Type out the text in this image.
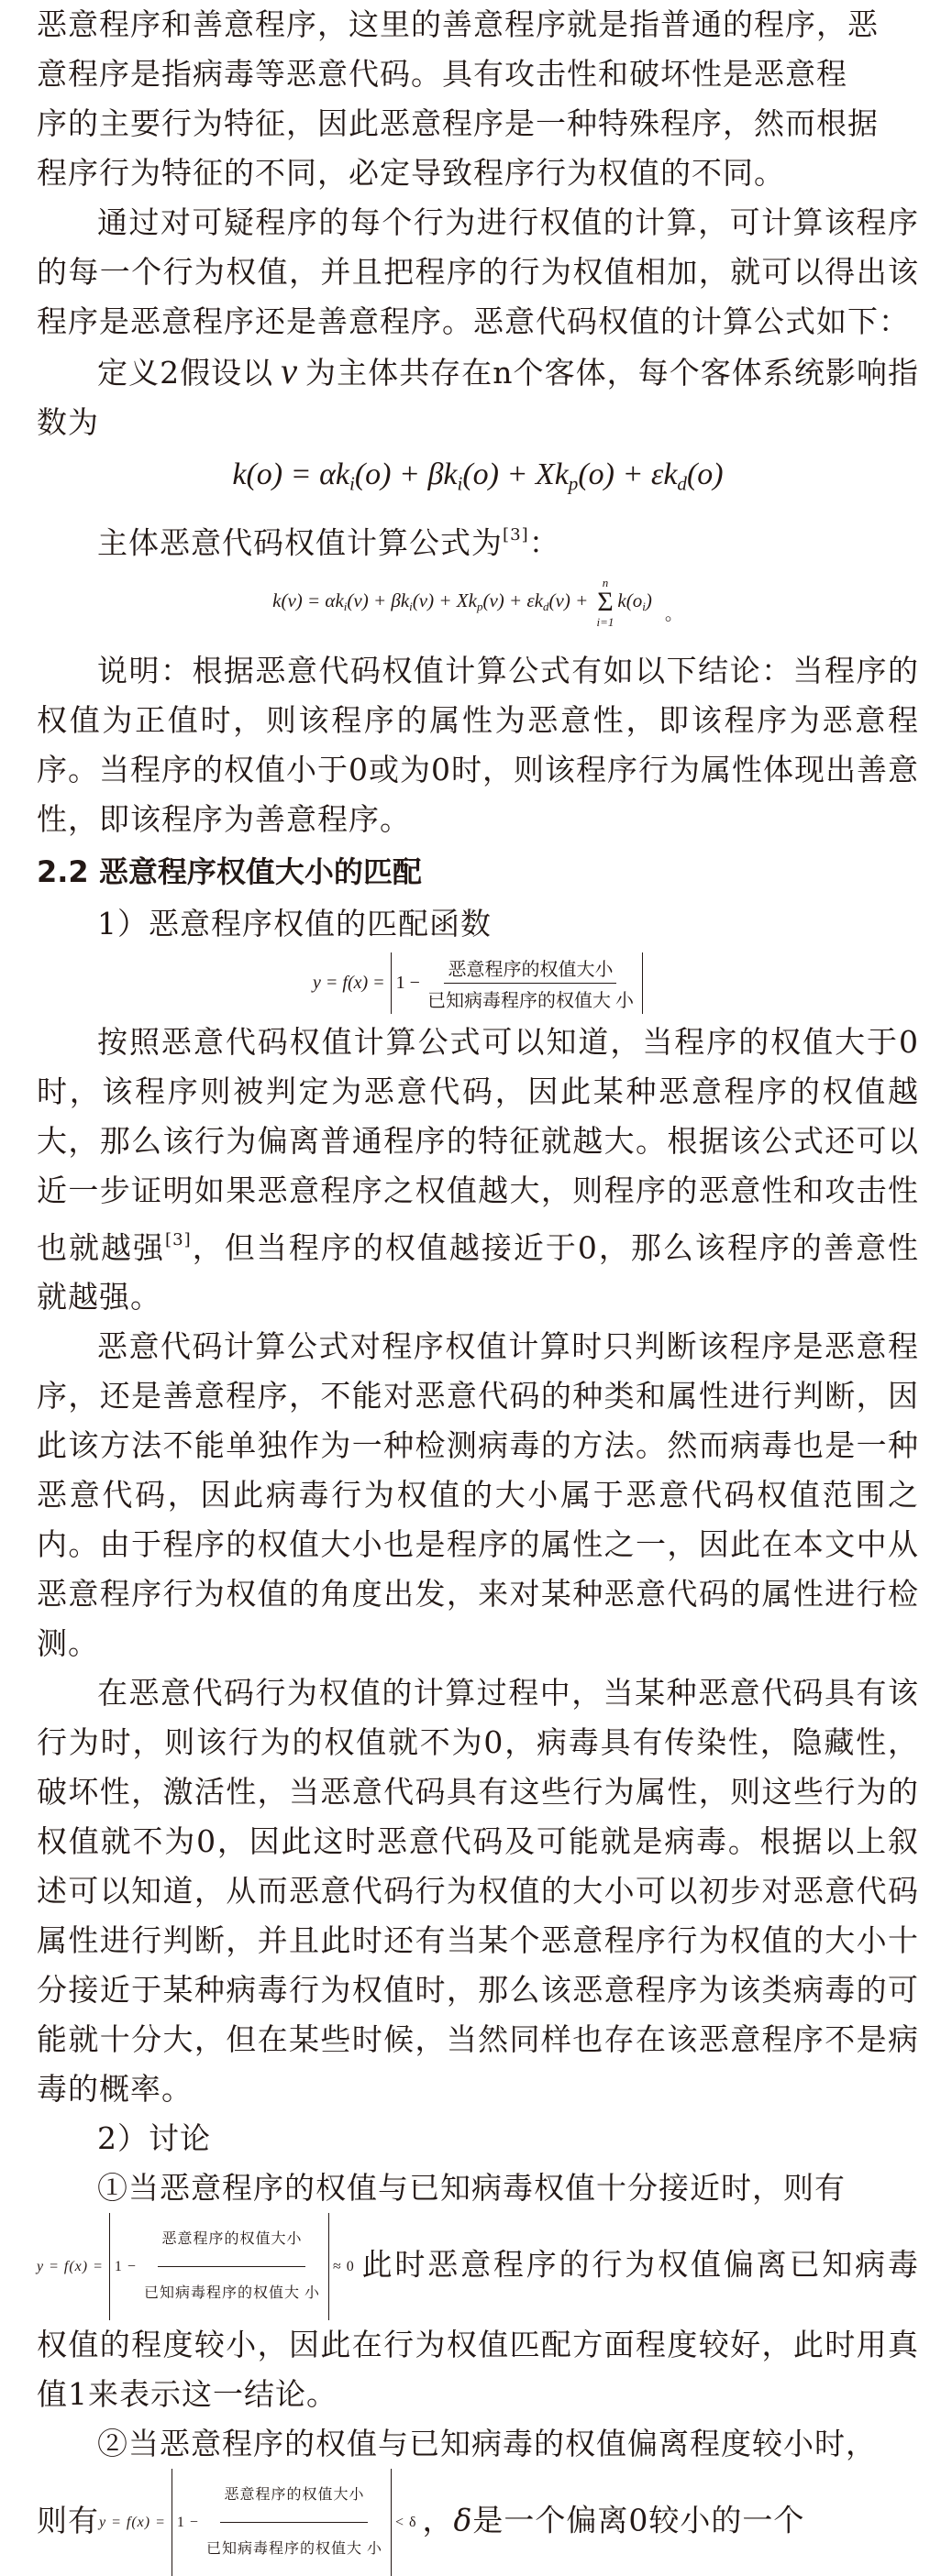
恶意程序和善意程序，这里的善意程序就是指普通的程序，恶

意程序是指病毒等恶意代码。具有攻击性和破坏性是恶意程

序的主要行为特征，因此恶意程序是一种特殊程序，然而根据

程序行为特征的不同，必定导致程序行为权值的不同。

通过对可疑程序的每个行为进行权值的计算，可计算该程序的每一个行为权值，并且把程序的行为权值相加，就可以得出该程序是恶意程序还是善意程序。恶意代码权值的计算公式如下：

定义2假设以 v 为主体共存在n个客体，每个客体系统影响指数为

$k(o) = \alpha k_i(o) + \beta k_i(o) + Xk_p(o) + \varepsilon k_d(o)$

主体恶意代码权值计算公式为[3]：

$k(v) = \alpha k_i(v) + \beta k_i(v) + Xk_p(v) + \varepsilon k_d(v)$ +
n
Σ
i=1
$k(o_i)$。

说明：根据恶意代码权值计算公式有如以下结论：当程序的权值为正值时，则该程序的属性为恶意性，即该程序为恶意程序。当程序的权值小于0或为0时，则该程序行为属性体现出善意性，即该程序为善意程序。

2.2 恶意程序权值大小的匹配

1）恶意程序权值的匹配函数

$y = f(x) = 1 - \frac{\text{恶意程序的权值大小}}{\text{已知病毒程序的权值大 小}}$

按照恶意代码权值计算公式可以知道，当程序的权值大于0时，该程序则被判定为恶意代码，因此某种恶意程序的权值越大，那么该行为偏离普通程序的特征就越大。根据该公式还可以近一步证明如果恶意程序之权值越大，则程序的恶意性和攻击性也就越强[3]，但当程序的权值越接近于0，那么该程序的善意性就越强。

恶意代码计算公式对程序权值计算时只判断该程序是恶意程序，还是善意程序，不能对恶意代码的种类和属性进行判断，因此该方法不能单独作为一种检测病毒的方法。然而病毒也是一种恶意代码，因此病毒行为权值的大小属于恶意代码权值范围之内。由于程序的权值大小也是程序的属性之一，因此在本文中从恶意程序行为权值的角度出发，来对某种恶意代码的属性进行检测。

在恶意代码行为权值的计算过程中，当某种恶意代码具有该行为时，则该行为的权值就不为0，病毒具有传染性，隐藏性，破坏性，激活性，当恶意代码具有这些行为属性，则这些行为的权值就不为0，因此这时恶意代码及可能就是病毒。根据以上叙述可以知道，从而恶意代码行为权值的大小可以初步对恶意代码属性进行判断，并且此时还有当某个恶意程序行为权值的大小十分接近于某种病毒行为权值时，那么该恶意程序为该类病毒的可能就十分大，但在某些时候，当然同样也存在该恶意程序不是病毒的概率。

2）讨论

①当恶意程序的权值与已知病毒权值十分接近时，则有

$y = f(x) = 1 - \frac{\text{恶意程序的权值大小}}{\text{已知病毒程序的权值大 小}} \approx 0$ 此时恶意程序的行为权值偏离已知病毒权值的程度较小，因此在行为权值匹配方面程度较好，此时用真值1来表示这一结论。

②当恶意程序的权值与已知病毒的权值偏离程度较小时，
则有 $y = f(x) = 1 - \frac{\text{恶意程序的权值大小}}{\text{已知病毒程序的权值大 小}} < \delta$ ，δ是一个偏离0较小的一个
